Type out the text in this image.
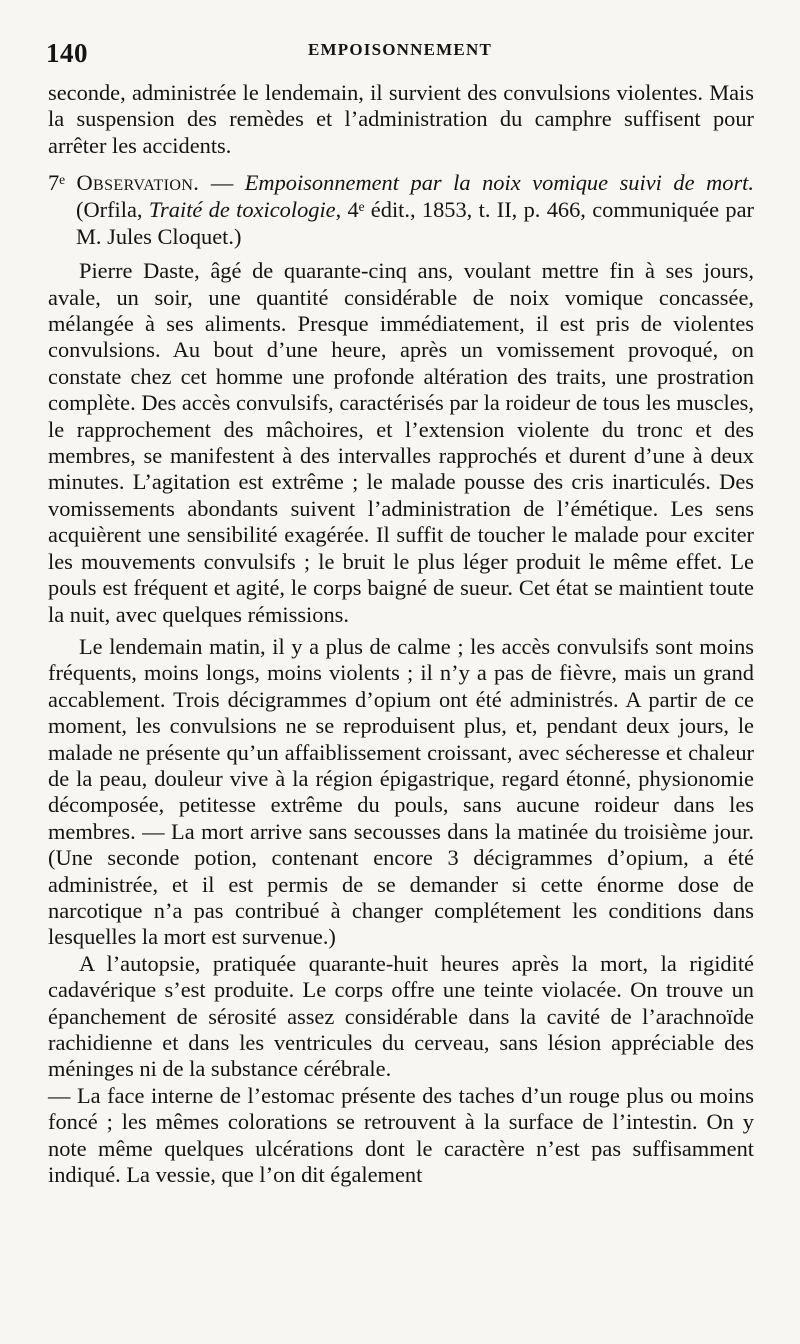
140	EMPOISONNEMENT

seconde, administrée le lendemain, il survient des convulsions violentes. Mais la suspension des remèdes et l’administration du camphre suffisent pour arrêter les accidents.

7ᵉ Observation. — Empoisonnement par la noix vomique suivi de mort. (Orfila, Traité de toxicologie, 4ᵉ édit., 1853, t. II, p. 466, communiquée par M. Jules Cloquet.)

Pierre Daste, âgé de quarante-cinq ans, voulant mettre fin à ses jours, avale, un soir, une quantité considérable de noix vomique concassée, mélangée à ses aliments. Presque immédiatement, il est pris de violentes convulsions. Au bout d’une heure, après un vomissement provoqué, on constate chez cet homme une profonde altération des traits, une prostration complète. Des accès convulsifs, caractérisés par la roideur de tous les muscles, le rapprochement des mâchoires, et l’extension violente du tronc et des membres, se manifestent à des intervalles rapprochés et durent d’une à deux minutes. L’agitation est extrême ; le malade pousse des cris inarticulés. Des vomissements abondants suivent l’administration de l’émétique. Les sens acquièrent une sensibilité exagérée. Il suffit de toucher le malade pour exciter les mouvements convulsifs ; le bruit le plus léger produit le même effet. Le pouls est fréquent et agité, le corps baigné de sueur. Cet état se maintient toute la nuit, avec quelques rémissions.

Le lendemain matin, il y a plus de calme ; les accès convulsifs sont moins fréquents, moins longs, moins violents ; il n’y a pas de fièvre, mais un grand accablement. Trois décigrammes d’opium ont été administrés. A partir de ce moment, les convulsions ne se reproduisent plus, et, pendant deux jours, le malade ne présente qu’un affaiblissement croissant, avec sécheresse et chaleur de la peau, douleur vive à la région épigastrique, regard étonné, physionomie décomposée, petitesse extrême du pouls, sans aucune roideur dans les membres. — La mort arrive sans secousses dans la matinée du troisième jour. (Une seconde potion, contenant encore 3 décigrammes d’opium, a été administrée, et il est permis de se demander si cette énorme dose de narcotique n’a pas contribué à changer complétement les conditions dans lesquelles la mort est survenue.)

A l’autopsie, pratiquée quarante-huit heures après la mort, la rigidité cadavérique s’est produite. Le corps offre une teinte violacée. On trouve un épanchement de sérosité assez considérable dans la cavité de l’arachnoïde rachidienne et dans les ventricules du cerveau, sans lésion appréciable des méninges ni de la substance cérébrale.

— La face interne de l’estomac présente des taches d’un rouge plus ou moins foncé ; les mêmes colorations se retrouvent à la surface de l’intestin. On y note même quelques ulcérations dont le caractère n’est pas suffisamment indiqué. La vessie, que l’on dit également
